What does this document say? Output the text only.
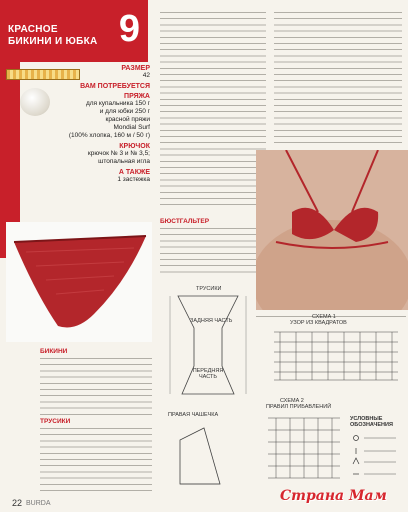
КРАСНОЕ
БИКИНИ И ЮБКА 9
РАЗМЕР
42
ВАМ ПОТРЕБУЕТСЯ
ПРЯЖА
для купальника 150 г
и для юбки 250 г
красной пряжи
Mondial Surf
(100% хлопка, 160 м / 50 г)
КРЮЧОК
крючок № 3 и № 3,5;
штопальная игла
А ТАКЖЕ
1 застежка
БЮСТГАЛЬТЕР
БИКИНИ
ТРУСИКИ
ТРУСИКИ
ЗАДНЯЯ ЧАСТЬ
ПЕРЕДНЯЯ ЧАСТЬ
ПРАВАЯ ЧАШЕЧКА
СХЕМА 1
УЗОР ИЗ КВАДРАТОВ
СХЕМА 2
ПРАВИЛ ПРИБАВЛЕНИЙ
УСЛОВНЫЕ ОБОЗНАЧЕНИЯ
22 BURDA	Страна Мам
